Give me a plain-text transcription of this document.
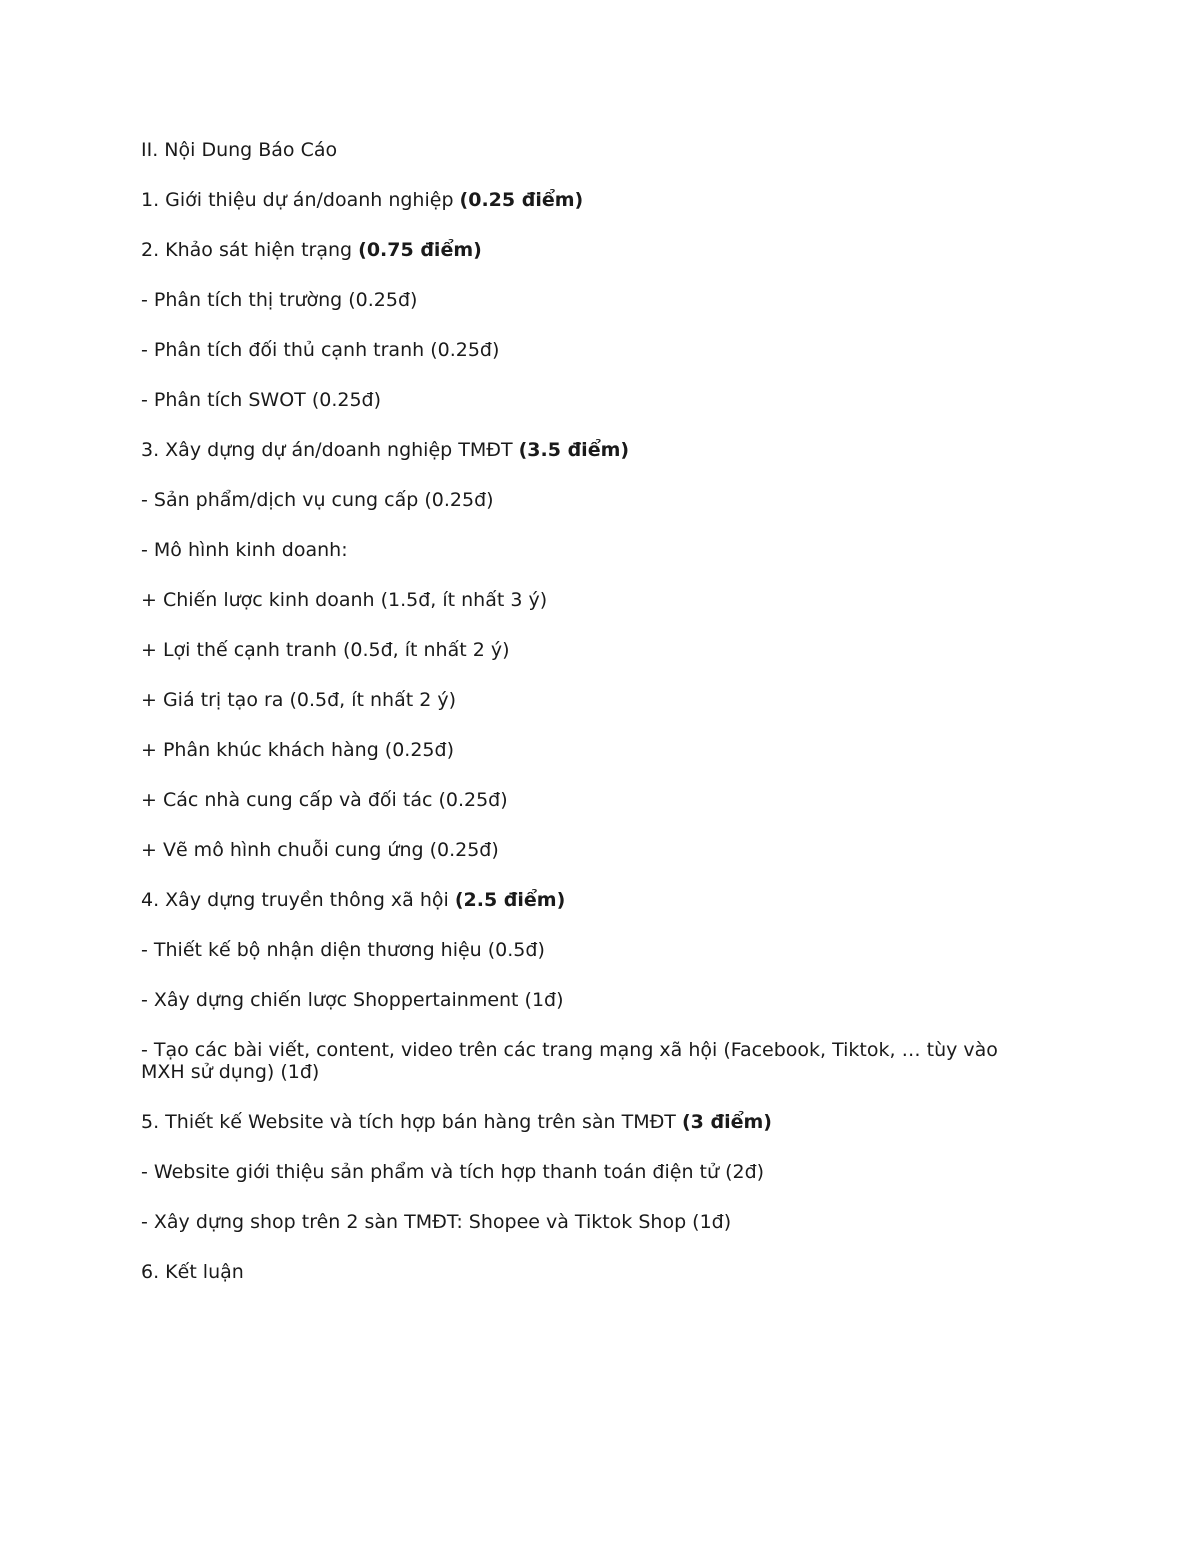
II. Nội Dung Báo Cáo

1. Giới thiệu dự án/doanh nghiệp (0.25 điểm)

2. Khảo sát hiện trạng (0.75 điểm)

- Phân tích thị trường (0.25đ)

- Phân tích đối thủ cạnh tranh (0.25đ)

- Phân tích SWOT (0.25đ)

3. Xây dựng dự án/doanh nghiệp TMĐT (3.5 điểm)

- Sản phẩm/dịch vụ cung cấp (0.25đ)

- Mô hình kinh doanh:

+ Chiến lược kinh doanh (1.5đ, ít nhất 3 ý)

+ Lợi thế cạnh tranh (0.5đ, ít nhất 2 ý)

+ Giá trị tạo ra (0.5đ, ít nhất 2 ý)

+ Phân khúc khách hàng (0.25đ)

+ Các nhà cung cấp và đối tác (0.25đ)

+ Vẽ mô hình chuỗi cung ứng (0.25đ)

4. Xây dựng truyền thông xã hội (2.5 điểm)

- Thiết kế bộ nhận diện thương hiệu (0.5đ)

- Xây dựng chiến lược Shoppertainment (1đ)

- Tạo các bài viết, content, video trên các trang mạng xã hội (Facebook, Tiktok, … tùy vào MXH sử dụng) (1đ)

5. Thiết kế Website và tích hợp bán hàng trên sàn TMĐT (3 điểm)

- Website giới thiệu sản phẩm và tích hợp thanh toán điện tử (2đ)

- Xây dựng shop trên 2 sàn TMĐT: Shopee và Tiktok Shop (1đ)

6. Kết luận
